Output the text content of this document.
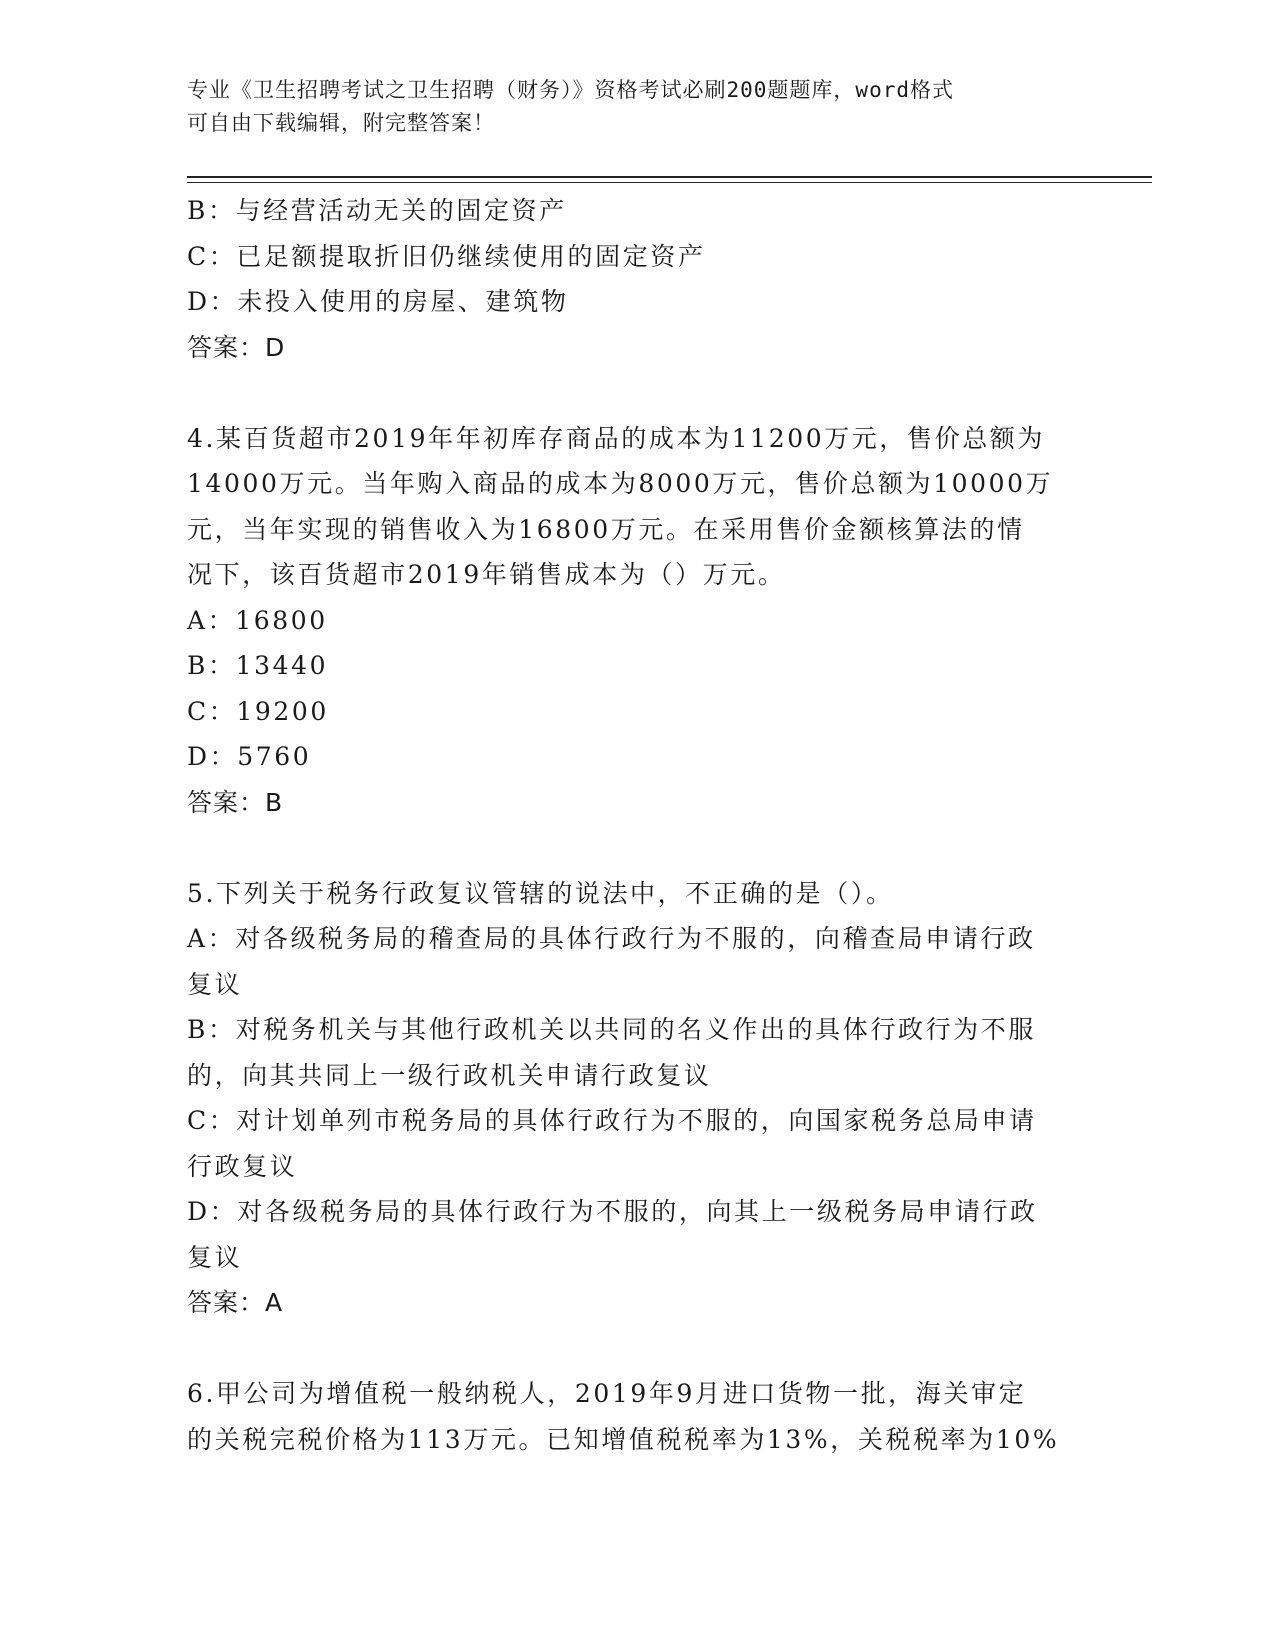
专业《卫生招聘考试之卫生招聘（财务）》资格考试必刷200题题库，word格式
可自由下载编辑，附完整答案！
B：与经营活动无关的固定资产
C：已足额提取折旧仍继续使用的固定资产
D：未投入使用的房屋、建筑物
答案：D
4.某百货超市2019年年初库存商品的成本为11200万元，售价总额为
14000万元。当年购入商品的成本为8000万元，售价总额为10000万
元，当年实现的销售收入为16800万元。在采用售价金额核算法的情
况下，该百货超市2019年销售成本为（）万元。
A：16800
B：13440
C：19200
D：5760
答案：B
5.下列关于税务行政复议管辖的说法中，不正确的是（）。
A：对各级税务局的稽查局的具体行政行为不服的，向稽查局申请行政
复议
B：对税务机关与其他行政机关以共同的名义作出的具体行政行为不服
的，向其共同上一级行政机关申请行政复议
C：对计划单列市税务局的具体行政行为不服的，向国家税务总局申请
行政复议
D：对各级税务局的具体行政行为不服的，向其上一级税务局申请行政
复议
答案：A
6.甲公司为增值税一般纳税人，2019年9月进口货物一批，海关审定
的关税完税价格为113万元。已知增值税税率为13%，关税税率为10%
